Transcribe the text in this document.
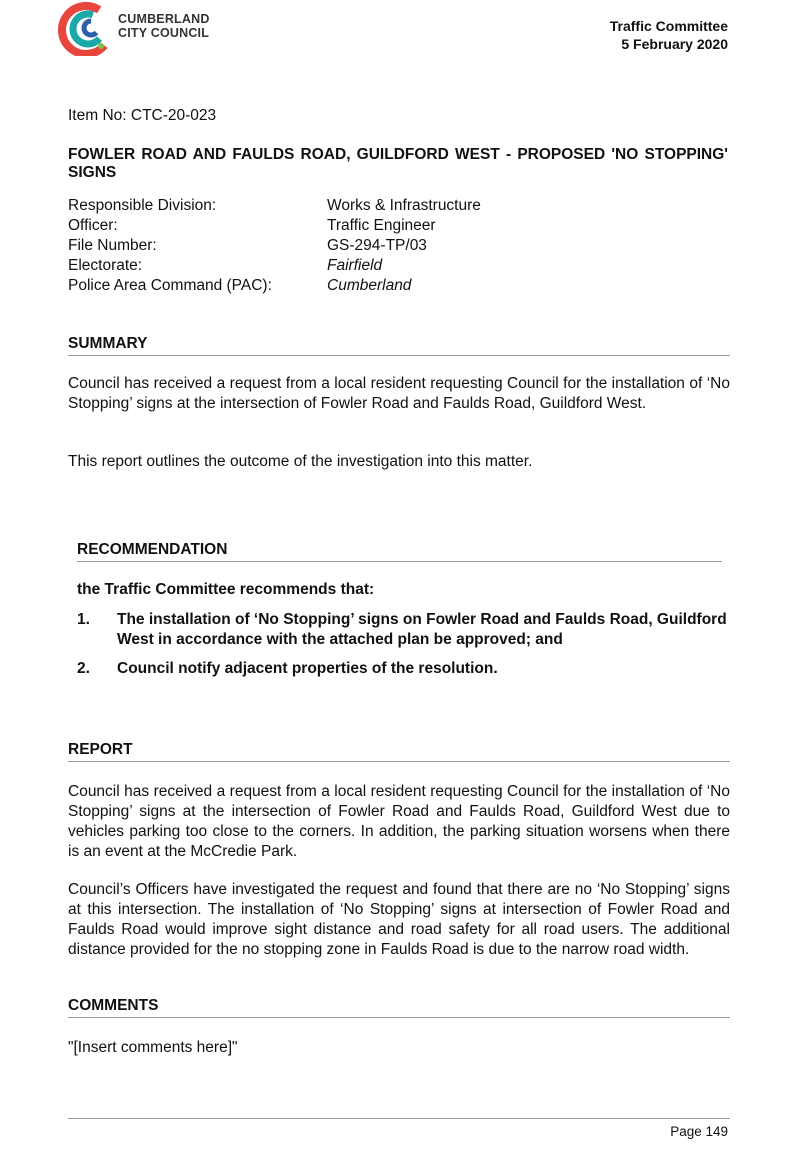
CUMBERLAND
CITY COUNCIL	Traffic Committee
5 February 2020
Item No: CTC-20-023
FOWLER ROAD AND FAULDS ROAD, GUILDFORD WEST - PROPOSED 'NO STOPPING' SIGNS
Responsible Division:	Works & Infrastructure
Officer:	Traffic Engineer
File Number:	GS-294-TP/03
Electorate:	Fairfield
Police Area Command (PAC):	Cumberland
SUMMARY
Council has received a request from a local resident requesting Council for the installation of ‘No Stopping’ signs at the intersection of Fowler Road and Faulds Road, Guildford West.
This report outlines the outcome of the investigation into this matter.
RECOMMENDATION
the Traffic Committee recommends that:
1.	The installation of ‘No Stopping’ signs on Fowler Road and Faulds Road, Guildford West in accordance with the attached plan be approved; and
2.	Council notify adjacent properties of the resolution.
REPORT
Council has received a request from a local resident requesting Council for the installation of ‘No Stopping’ signs at the intersection of Fowler Road and Faulds Road, Guildford West due to vehicles parking too close to the corners. In addition, the parking situation worsens when there is an event at the McCredie Park.
Council’s Officers have investigated the request and found that there are no ‘No Stopping’ signs at this intersection. The installation of ‘No Stopping’ signs at intersection of Fowler Road and Faulds Road would improve sight distance and road safety for all road users. The additional distance provided for the no stopping zone in Faulds Road is due to the narrow road width.
COMMENTS
"[Insert comments here]"
Page 149
